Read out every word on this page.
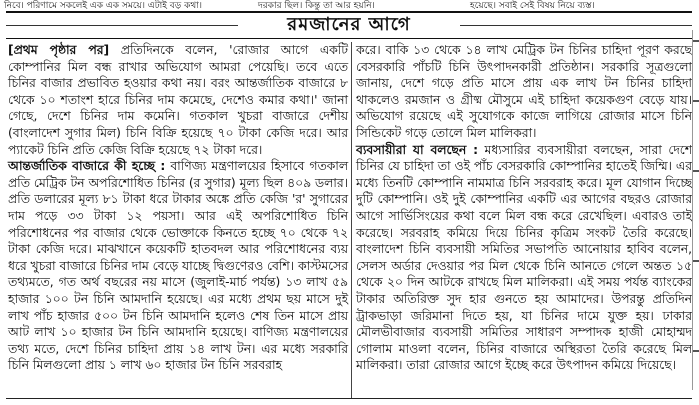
নিবে। পরিণামে সকলেই এক এক সময়ে। এটাই বড় কথা।	দরকার ছিল। কিন্তু তা আর হয়নি।	হয়েছে। সবাই সেই বিষয় নিয়ে ব্যস্ত।
রমজানের আগে
[প্রথম পৃষ্ঠার পর] প্রতিদিনকে বলেন, 'রোজার আগে একটি কোম্পানির মিল বন্ধ রাখার অভিযোগ আমরা পেয়েছি। তবে এতে চিনির বাজার প্রভাবিত হওয়ার কথা নয়। বরং আন্তর্জাতিক বাজারে ৮ থেকে ১০ শতাংশ হারে চিনির দাম কমেছে, দেশেও কমার কথা।' জানা গেছে, দেশে চিনির দাম কমেনি। গতকাল খুচরা বাজারে দেশীয় (বাংলাদেশ সুগার মিল) চিনি বিক্রি হয়েছে ৭০ টাকা কেজি দরে। আর প্যাকেট চিনি প্রতি কেজি বিক্রি হয়েছে ৭২ টাকা দরে।
আন্তর্জাতিক বাজারে কী হচ্ছে : বাণিজ্য মন্ত্রণালয়ের হিসাবে গতকাল প্রতি মেট্রিক টন অপরিশোধিত চিনির (র সুগার) মূল্য ছিল ৪০৯ ডলার। প্রতি ডলারের মূল্য ৮১ টাকা ধরে টাকার অঙ্কে প্রতি কেজি 'র' সুগারের দাম পড়ে ৩৩ টাকা ১২ পয়সা। আর এই অপরিশোধিত চিনি পরিশোধনের পর বাজার থেকে ভোক্তাকে কিনতে হচ্ছে ৭০ থেকে ৭২ টাকা কেজি দরে। মাঝখানে কয়েকটি হাতবদল আর পরিশোধনের ব্যয় ধরে খুচরা বাজারে চিনির দাম বেড়ে যাচ্ছে দ্বিগুণেরও বেশি। কাস্টমসের তথ্যমতে, গত অর্থ বছরের নয় মাসে (জুলাই-মার্চ পর্যন্ত) ১৩ লাখ ৫৯ হাজার ১০০ টন চিনি আমদানি হয়েছে। এর মধ্যে প্রথম ছয় মাসে দুই লাখ পাঁচ হাজার ৫০০ টন চিনি আমদানি হলেও শেষ তিন মাসে প্রায় আট লাখ ১০ হাজার টন চিনি আমদানি হয়েছে। বাণিজ্য মন্ত্রণালয়ের তথ্য মতে, দেশে চিনির চাহিদা প্রায় ১৪ লাখ টন। এর মধ্যে সরকারি চিনি মিলগুলো প্রায় ১ লাখ ৬০ হাজার টন চিনি সরবরাহ
করে। বাকি ১৩ থেকে ১৪ লাখ মেট্রিক টন চিনির চাহিদা পূরণ করছে বেসরকারি পাঁচটি চিনি উৎপাদনকারী প্রতিষ্ঠান। সরকারি সূত্রগুলো জানায়, দেশে গড়ে প্রতি মাসে প্রায় এক লাখ টন চিনির চাহিদা থাকলেও রমজান ও গ্রীষ্ম মৌসুমে এই চাহিদা কয়েকগুণ বেড়ে যায়। অভিযোগ রয়েছে এই সুযোগকে কাজে লাগিয়ে রোজার মাসে চিনি সিন্ডিকেট গড়ে তোলে মিল মালিকরা।
ব্যবসায়ীরা যা বলছেন : মধ্যসারির ব্যবসায়ীরা বলছেন, সারা দেশে চিনির যে চাহিদা তা ওই পাঁচ বেসরকারি কোম্পানির হাতেই জিম্মি। এর মধ্যে তিনটি কোম্পানি নামমাত্র চিনি সরবরাহ করে। মূল যোগান দিচ্ছে দুটি কোম্পানি। ওই দুই কোম্পানির একটি এর আগের বছরও রোজার আগে সার্ভিসিংয়ের কথা বলে মিল বন্ধ করে রেখেছিল। এবারও তাই করেছে। সরবরাহ কমিয়ে দিয়ে চিনির কৃত্রিম সংকট তৈরি করেছে। বাংলাদেশ চিনি ব্যবসায়ী সমিতির সভাপতি আনোয়ার হাবিব বলেন, সেলস অর্ডার দেওয়ার পর মিল থেকে চিনি আনতে গেলে অন্তত ১৫ থেকে ২০ দিন আটকে রাখছে মিল মালিকরা। এই সময় পর্যন্ত ব্যাংকের টাকার অতিরিক্ত সুদ হার গুনতে হয় আমাদের। উপরন্তু প্রতিদিন ট্রাকভাড়া জরিমানা দিতে হয়, যা চিনির দামে যুক্ত হয়। ঢাকার মৌলভীবাজার ব্যবসায়ী সমিতির সাধারণ সম্পাদক হাজী মোহাম্মদ গোলাম মাওলা বলেন, চিনির বাজারে অস্থিরতা তৈরি করেছে মিল মালিকরা। তারা রোজার আগে ইচ্ছে করে উৎপাদন কমিয়ে দিয়েছে।
